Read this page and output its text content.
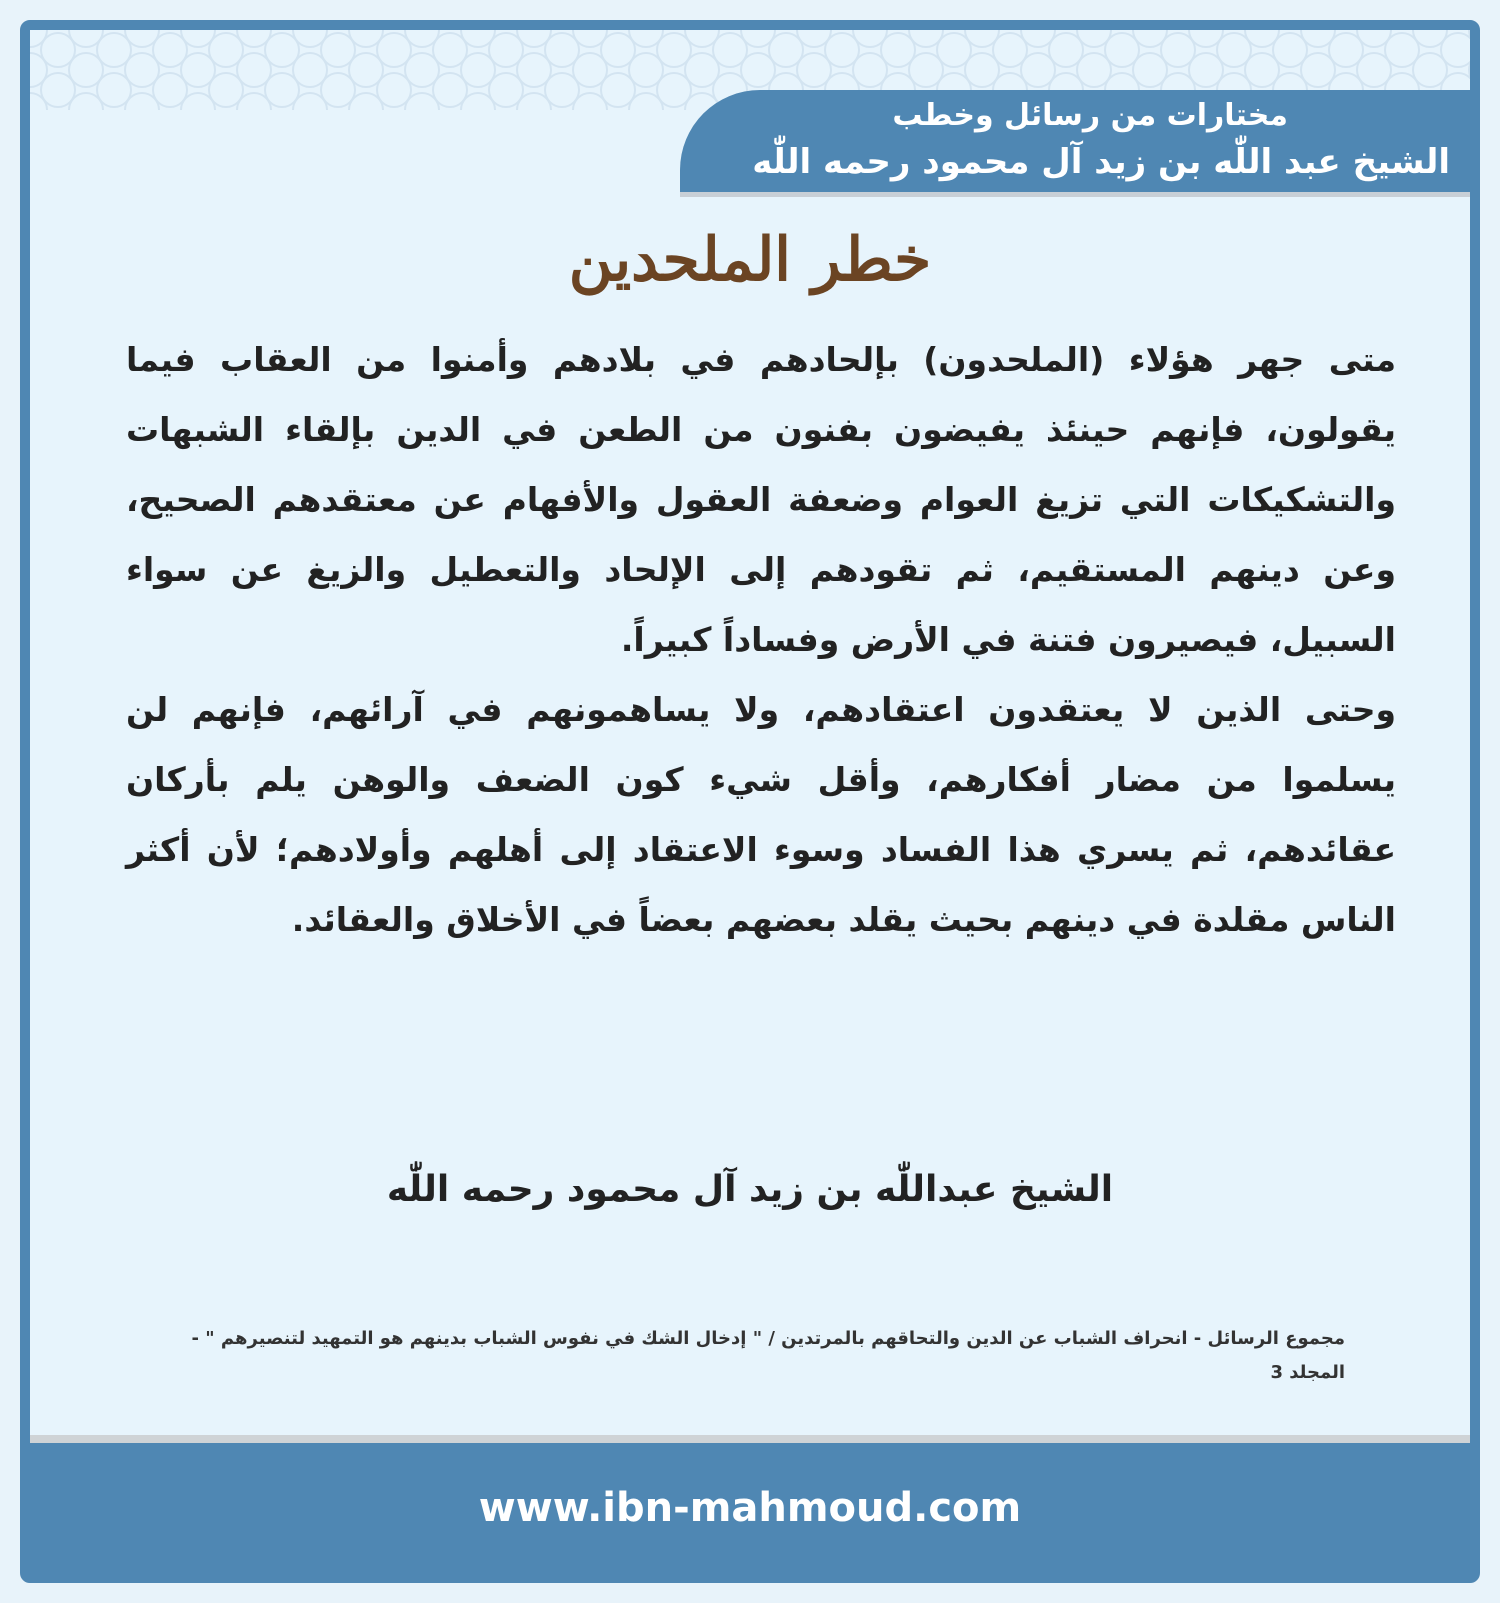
مختارات من رسائل وخطب
الشيخ عبد اللّٰه بن زيد آل محمود رحمه اللّٰه
خطر الملحدين

متى جهر هؤلاء (الملحدون) بإلحادهم في بلادهم وأمنوا من العقاب فيما يقولون، فإنهم حينئذ يفيضون بفنون من الطعن في الدين بإلقاء الشبهات والتشكيكات التي تزيغ العوام وضعفة العقول والأفهام عن معتقدهم الصحيح، وعن دينهم المستقيم، ثم تقودهم إلى الإلحاد والتعطيل والزيغ عن سواء السبيل، فيصيرون فتنة في الأرض وفساداً كبيراً.

وحتى الذين لا يعتقدون اعتقادهم، ولا يساهمونهم في آرائهم، فإنهم لن يسلموا من مضار أفكارهم، وأقل شيء كون الضعف والوهن يلم بأركان عقائدهم، ثم يسري هذا الفساد وسوء الاعتقاد إلى أهلهم وأولادهم؛ لأن أكثر الناس مقلدة في دينهم بحيث يقلد بعضهم بعضاً في الأخلاق والعقائد.

الشيخ عبداللّٰه بن زيد آل محمود رحمه اللّٰه
مجموع الرسائل - انحراف الشباب عن الدين والتحاقهم بالمرتدين / " إدخال الشك في نفوس الشباب بدينهم هو التمهيد لتنصيرهم " - المجلد 3
www.ibn-mahmoud.com
